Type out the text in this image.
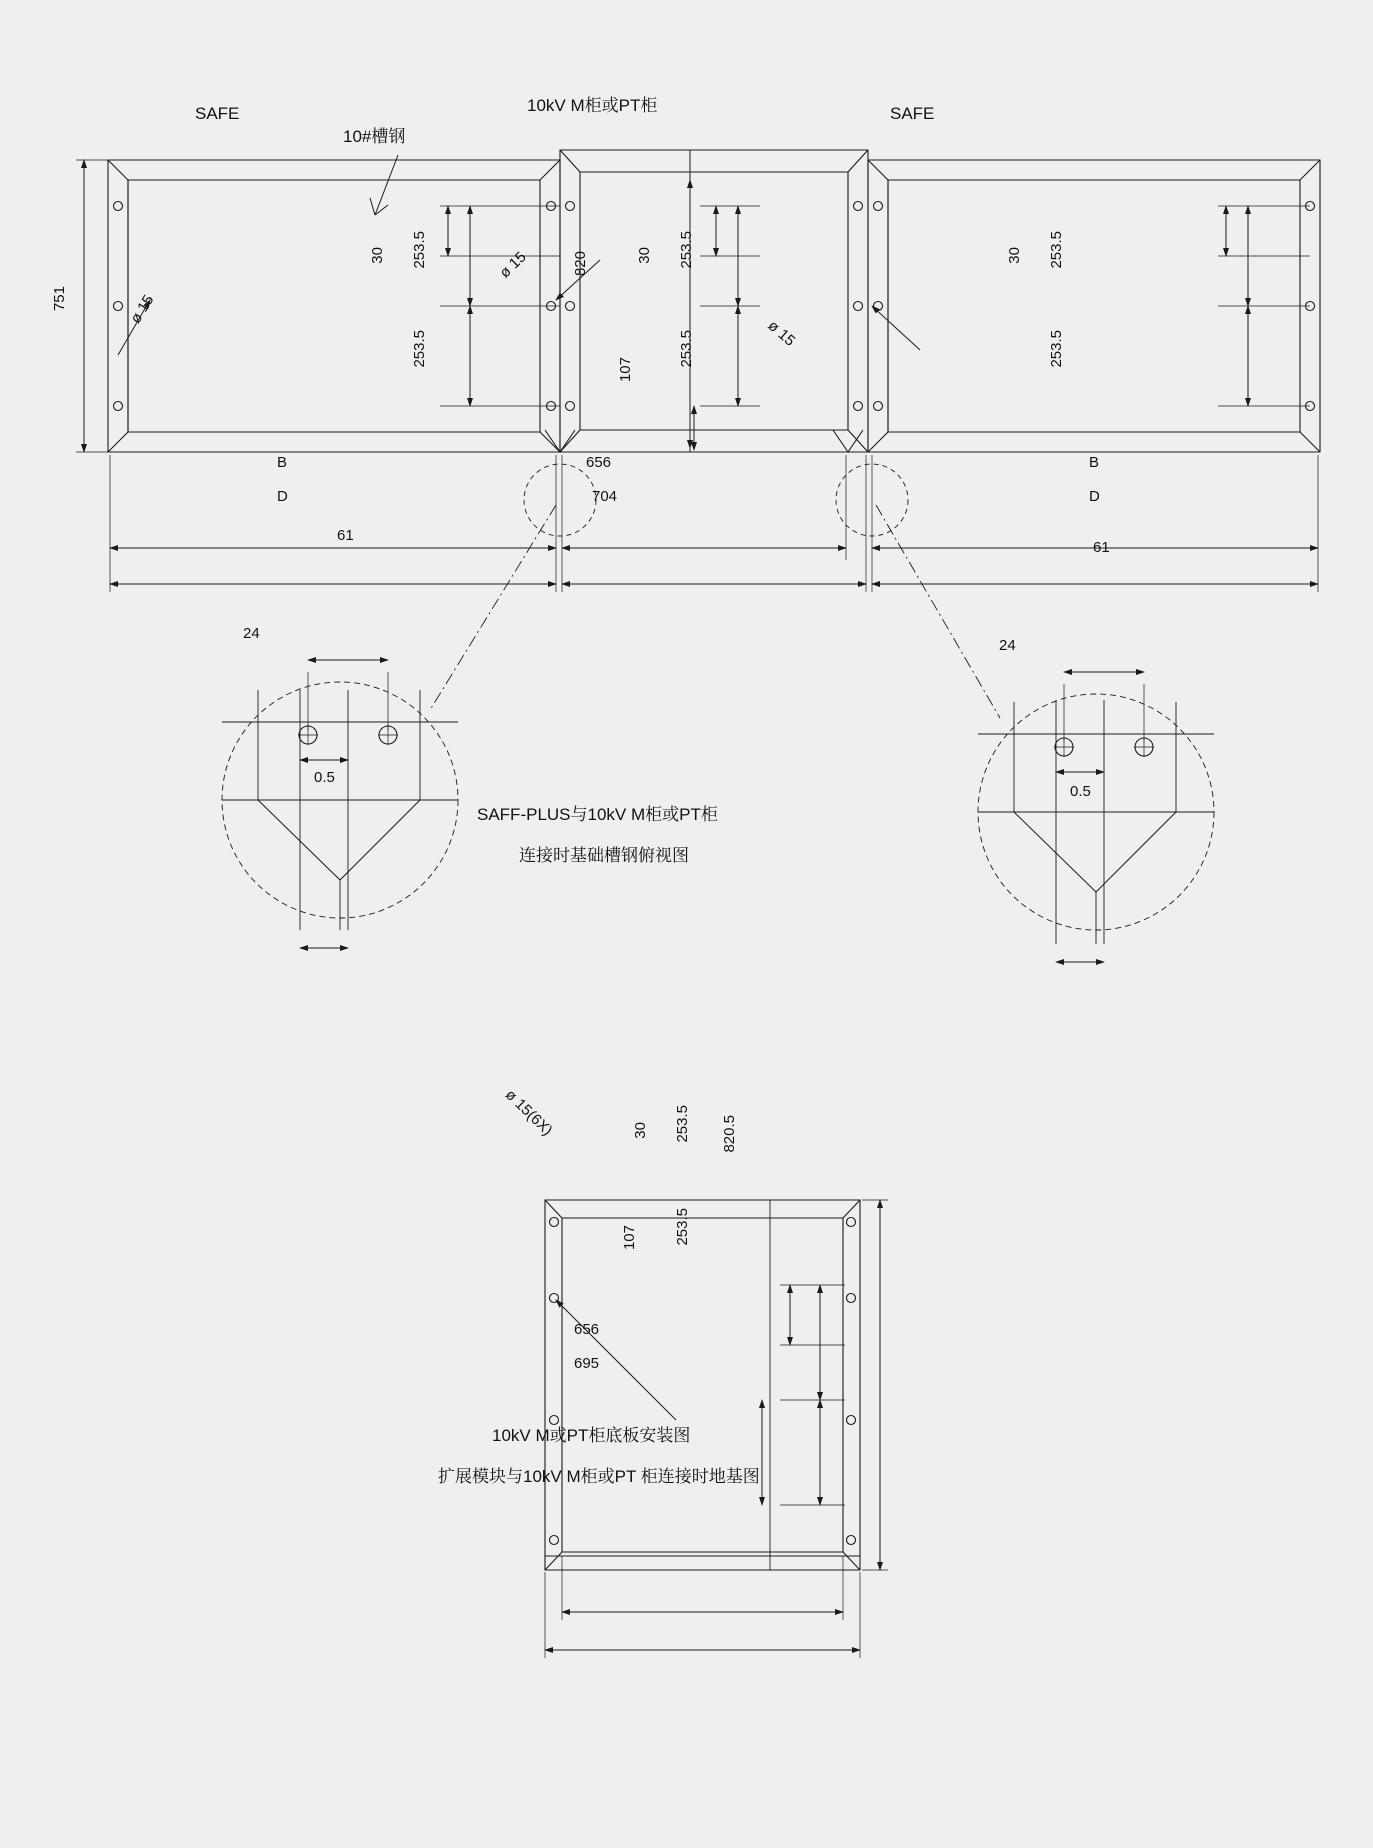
SAFE	SAFE
10kV M柜或PT柜
10#槽钢
751
820
30 253.5
253.5
30 253.5
253.5
107
30 253.5
253.5
ø 15
ø 15
ø 15
B	656	B
D	704	D
61
24
0.5
61
24
0.5
SAFF-PLUS与10kV M柜或PT柜
连接时基础槽钢俯视图
ø 15(6X)	820.5
30 253.5
253.5
107
656
695
10kV M或PT柜底板安装图
扩展模块与10kV M柜或PT 柜连接时地基图
